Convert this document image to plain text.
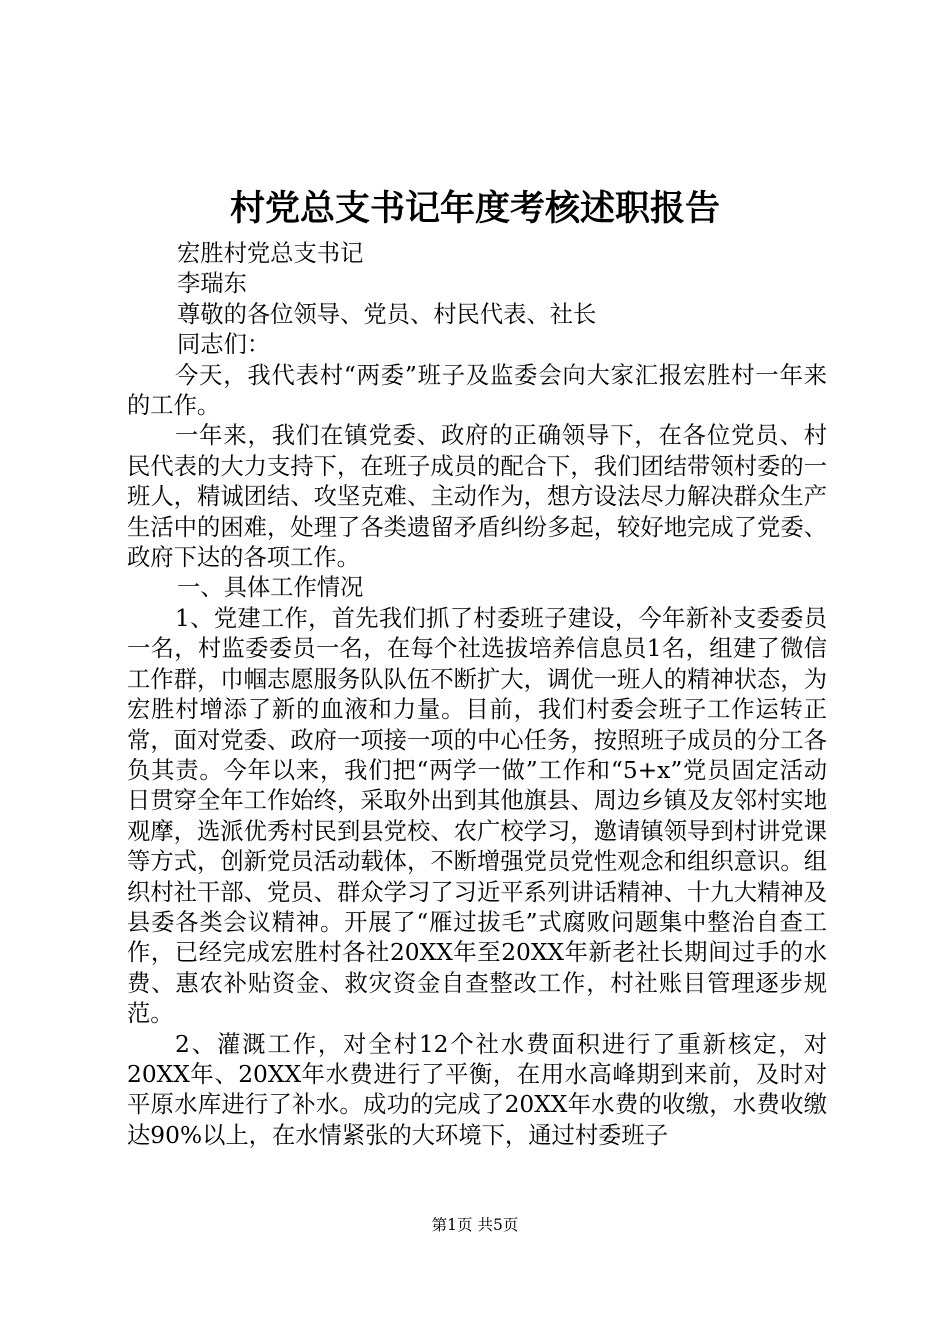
村党总支书记年度考核述职报告

宏胜村党总支书记

李瑞东

尊敬的各位领导、党员、村民代表、社长

同志们：

今天，我代表村“两委”班子及监委会向大家汇报宏胜村一年来的工作。

一年来，我们在镇党委、政府的正确领导下，在各位党员、村民代表的大力支持下，在班子成员的配合下，我们团结带领村委的一班人，精诚团结、攻坚克难、主动作为，想方设法尽力解决群众生产生活中的困难，处理了各类遗留矛盾纠纷多起，较好地完成了党委、政府下达的各项工作。

一、具体工作情况

1、党建工作，首先我们抓了村委班子建设，今年新补支委委员一名，村监委委员一名，在每个社选拔培养信息员1名，组建了微信工作群，巾帼志愿服务队队伍不断扩大，调优一班人的精神状态，为宏胜村增添了新的血液和力量。目前，我们村委会班子工作运转正常，面对党委、政府一项接一项的中心任务，按照班子成员的分工各负其责。今年以来，我们把“两学一做”工作和“5+x”党员固定活动日贯穿全年工作始终，采取外出到其他旗县、周边乡镇及友邻村实地观摩，选派优秀村民到县党校、农广校学习，邀请镇领导到村讲党课等方式，创新党员活动载体，不断增强党员党性观念和组织意识。组织村社干部、党员、群众学习了习近平系列讲话精神、十九大精神及县委各类会议精神。开展了“雁过拔毛”式腐败问题集中整治自查工作，已经完成宏胜村各社20XX年至20XX年新老社长期间过手的水费、惠农补贴资金、救灾资金自查整改工作，村社账目管理逐步规范。

2、灌溉工作，对全村12个社水费面积进行了重新核定，对20XX年、20XX年水费进行了平衡，在用水高峰期到来前，及时对平原水库进行了补水。成功的完成了20XX年水费的收缴，水费收缴达90%以上，在水情紧张的大环境下，通过村委班子

第1页 共5页
